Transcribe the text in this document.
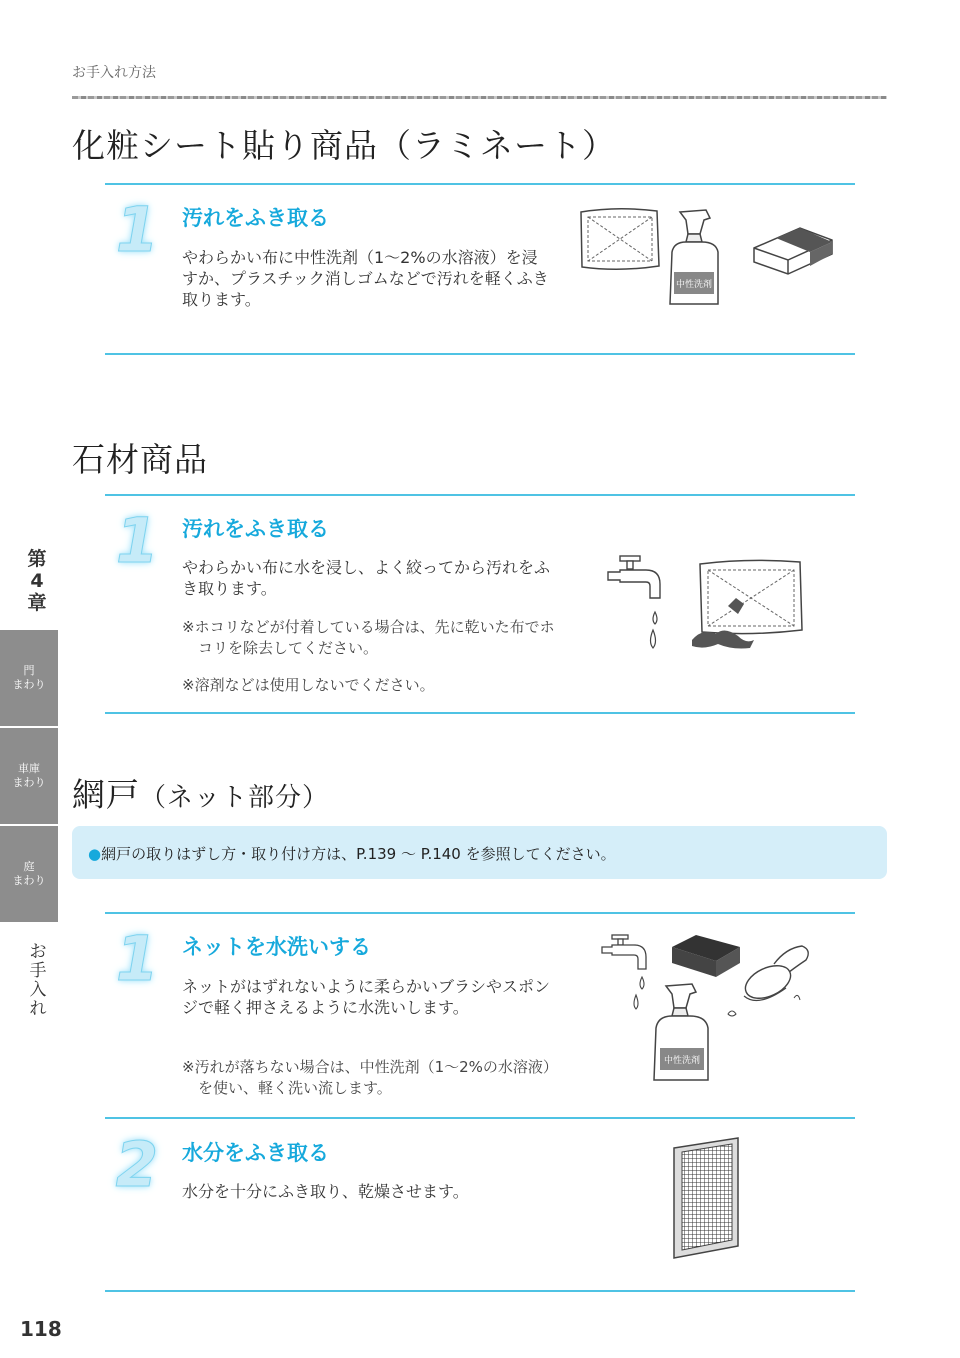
お手入れ方法
化粧シート貼り商品（ラミネート）
1 汚れをふき取る
やわらかい布に中性洗剤（1〜2%の水溶液）を浸すか、プラスチック消しゴムなどで汚れを軽くふき取ります。
中性洗剤
石材商品
1 汚れをふき取る
やわらかい布に水を浸し、よく絞ってから汚れをふき取ります。
※ホコリなどが付着している場合は、先に乾いた布でホコリを除去してください。
※溶剤などは使用しないでください。
網戸（ネット部分）
●網戸の取りはずし方・取り付け方は、P.139 〜 P.140 を参照してください。
1 ネットを水洗いする
ネットがはずれないように柔らかいブラシやスポンジで軽く押さえるように水洗いします。
※汚れが落ちない場合は、中性洗剤（1〜2%の水溶液）を使い、軽く洗い流します。
中性洗剤
2 水分をふき取る
水分を十分にふき取り、乾燥させます。
第
4
章
門
まわり
車庫
まわり
庭
まわり
お
手
入
れ
118
